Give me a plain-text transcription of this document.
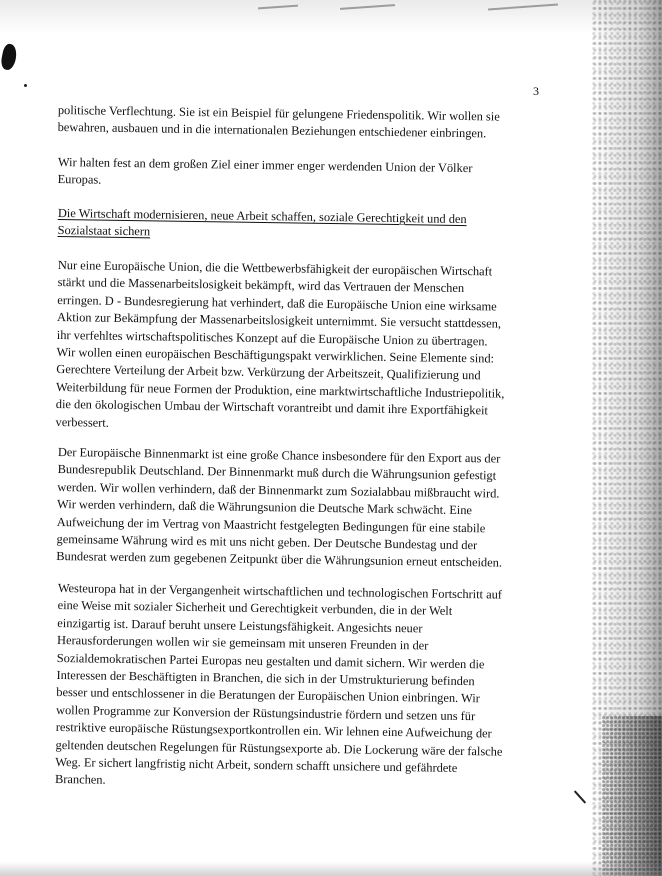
3
politische Verflechtung. Sie ist ein Beispiel für gelungene Friedenspolitik. Wir wollen sie
bewahren, ausbauen und in die internationalen Beziehungen entschiedener einbringen.
Wir halten fest an dem großen Ziel einer immer enger werdenden Union der Völker
Europas.
Die Wirtschaft modernisieren, neue Arbeit schaffen, soziale Gerechtigkeit und den
Sozialstaat sichern
Nur eine Europäische Union, die die Wettbewerbsfähigkeit der europäischen Wirtschaft
stärkt und die Massenarbeitslosigkeit bekämpft, wird das Vertrauen der Menschen
erringen. D - Bundesregierung hat verhindert, daß die Europäische Union eine wirksame
Aktion zur Bekämpfung der Massenarbeitslosigkeit unternimmt. Sie versucht stattdessen,
ihr verfehltes wirtschaftspolitisches Konzept auf die Europäische Union zu übertragen.
Wir wollen einen europäischen Beschäftigungspakt verwirklichen. Seine Elemente sind:
Gerechtere Verteilung der Arbeit bzw. Verkürzung der Arbeitszeit, Qualifizierung und
Weiterbildung für neue Formen der Produktion, eine marktwirtschaftliche Industriepolitik,
die den ökologischen Umbau der Wirtschaft vorantreibt und damit ihre Exportfähigkeit
verbessert.
Der Europäische Binnenmarkt ist eine große Chance insbesondere für den Export aus der
Bundesrepublik Deutschland. Der Binnenmarkt muß durch die Währungsunion gefestigt
werden. Wir wollen verhindern, daß der Binnenmarkt zum Sozialabbau mißbraucht wird.
Wir werden verhindern, daß die Währungsunion die Deutsche Mark schwächt. Eine
Aufweichung der im Vertrag von Maastricht festgelegten Bedingungen für eine stabile
gemeinsame Währung wird es mit uns nicht geben. Der Deutsche Bundestag und der
Bundesrat werden zum gegebenen Zeitpunkt über die Währungsunion erneut entscheiden.
Westeuropa hat in der Vergangenheit wirtschaftlichen und technologischen Fortschritt auf
eine Weise mit sozialer Sicherheit und Gerechtigkeit verbunden, die in der Welt
einzigartig ist. Darauf beruht unsere Leistungsfähigkeit. Angesichts neuer
Herausforderungen wollen wir sie gemeinsam mit unseren Freunden in der
Sozialdemokratischen Partei Europas neu gestalten und damit sichern. Wir werden die
Interessen der Beschäftigten in Branchen, die sich in der Umstrukturierung befinden
besser und entschlossener in die Beratungen der Europäischen Union einbringen. Wir
wollen Programme zur Konversion der Rüstungsindustrie fördern und setzen uns für
restriktive europäische Rüstungsexportkontrollen ein. Wir lehnen eine Aufweichung der
geltenden deutschen Regelungen für Rüstungsexporte ab. Die Lockerung wäre der falsche
Weg. Er sichert langfristig nicht Arbeit, sondern schafft unsichere und gefährdete
Branchen.
